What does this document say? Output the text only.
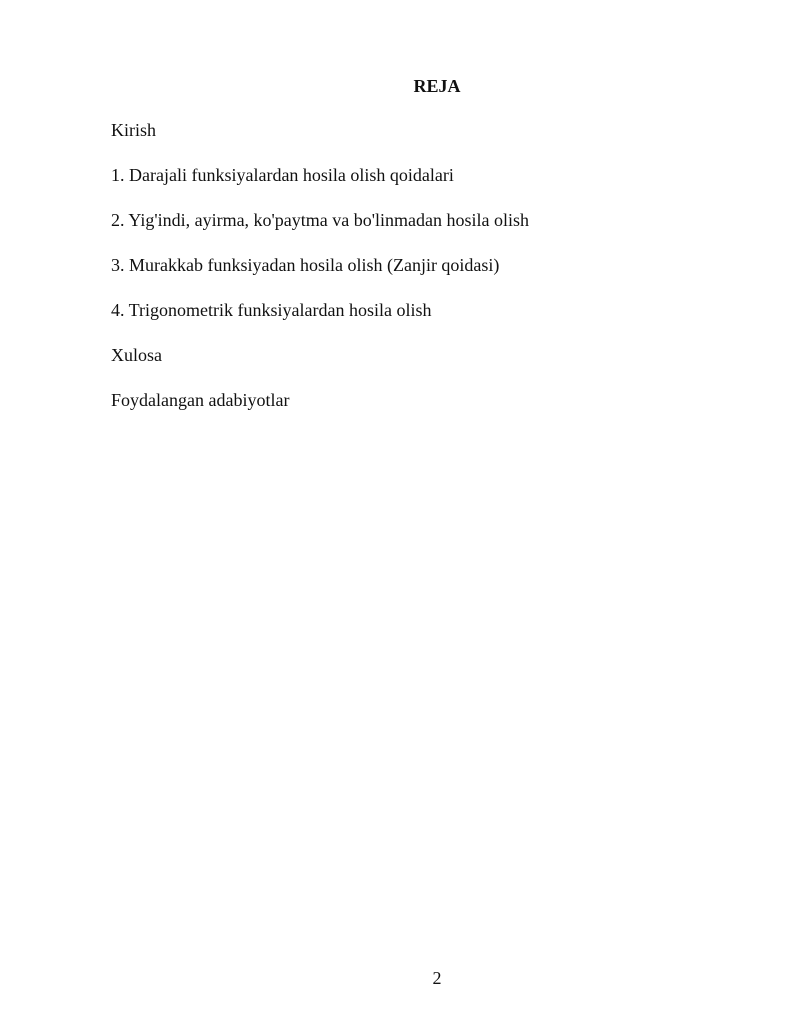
REJA
Kirish
1. Darajali funksiyalardan hosila olish qoidalari
2. Yig'indi, ayirma, ko'paytma va bo'linmadan hosila olish
3. Murakkab funksiyadan hosila olish (Zanjir qoidasi)
4. Trigonometrik funksiyalardan hosila olish
Xulosa
Foydalangan adabiyotlar
2
